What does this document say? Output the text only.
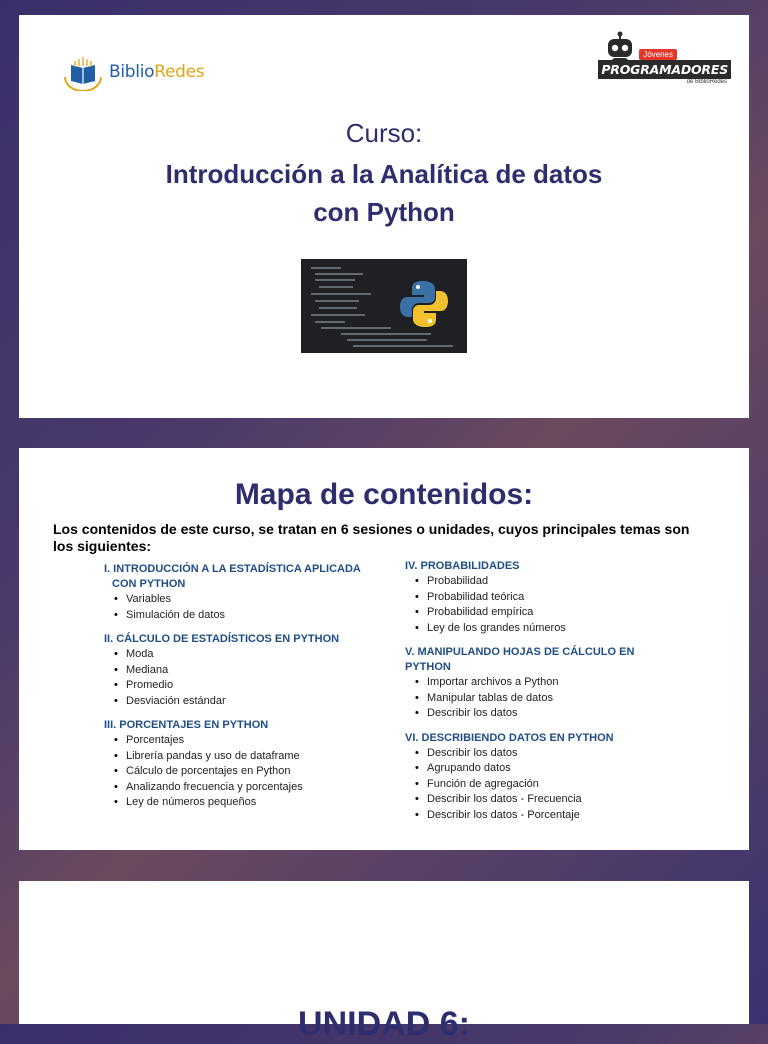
BiblioRedes
Jóvenes
PROGRAMADORES
de BiblioRedes
Curso:
Introducción a la Analítica de datos
con Python
Mapa de contenidos:
Los contenidos de este curso, se tratan en 6 sesiones o unidades, cuyos principales temas son los siguientes:
I. INTRODUCCIÓN A LA ESTADÍSTICA APLICADA
CON PYTHON
• Variables
• Simulación de datos
II. CÁLCULO DE ESTADÍSTICOS EN PYTHON
• Moda
• Mediana
• Promedio
• Desviación estándar
III. PORCENTAJES EN PYTHON
• Porcentajes
• Librería pandas y uso de dataframe
• Cálculo de porcentajes en Python
• Analizando frecuencia y porcentajes
• Ley de números pequeños
IV. PROBABILIDADES
• Probabilidad
• Probabilidad teórica
• Probabilidad empírica
• Ley de los grandes números
V. MANIPULANDO HOJAS DE CÁLCULO EN
PYTHON
• Importar archivos a Python
• Manipular tablas de datos
• Describir los datos
VI. DESCRIBIENDO DATOS EN PYTHON
• Describir los datos
• Agrupando datos
• Función de agregación
• Describir los datos - Frecuencia
• Describir los datos - Porcentaje
UNIDAD 6:
